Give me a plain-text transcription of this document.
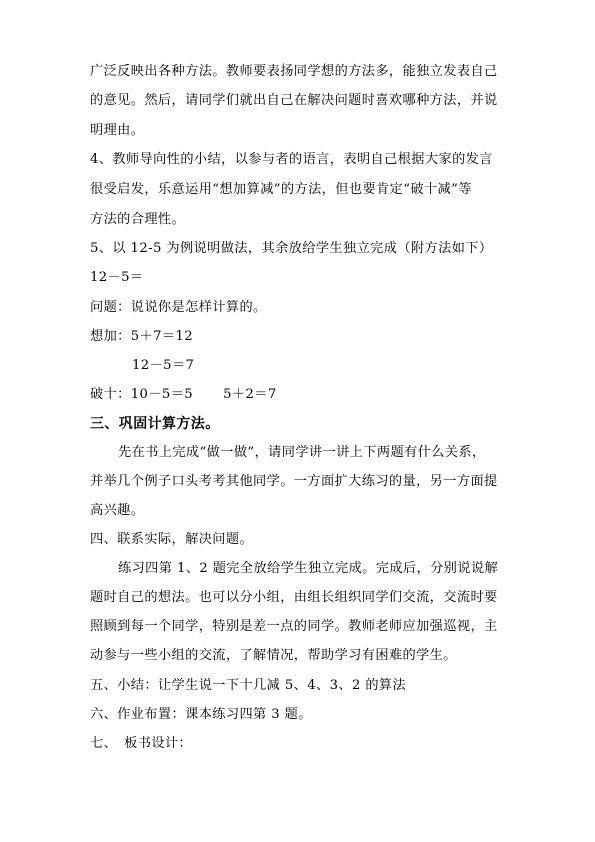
广泛反映出各种方法。教师要表扬同学想的方法多，能独立发表自己
的意见。然后，请同学们就出自己在解决问题时喜欢哪种方法，并说
明理由。
4、教师导向性的小结，以参与者的语言，表明自己根据大家的发言
很受启发，乐意运用“想加算减”的方法，但也要肯定“破十减”等
方法的合理性。
5、以 12-5 为例说明做法，其余放给学生独立完成（附方法如下）
12－5＝
问题：说说你是怎样计算的。
想加：5＋7＝12
12－5＝7
破十：10－5＝5 5＋2＝7
三、巩固计算方法。
先在书上完成“做一做”，请同学讲一讲上下两题有什么关系，
并举几个例子口头考考其他同学。一方面扩大练习的量，另一方面提
高兴趣。
四、联系实际，解决问题。
练习四第 1、2 题完全放给学生独立完成。完成后，分别说说解
题时自己的想法。也可以分小组，由组长组织同学们交流，交流时要
照顾到每一个同学，特别是差一点的同学。教师老师应加强巡视，主
动参与一些小组的交流，了解情况，帮助学习有困难的学生。
五、小结：让学生说一下十几减 5、4、3、2 的算法
六、作业布置：课本练习四第 3 题。
七、　板书设计：
